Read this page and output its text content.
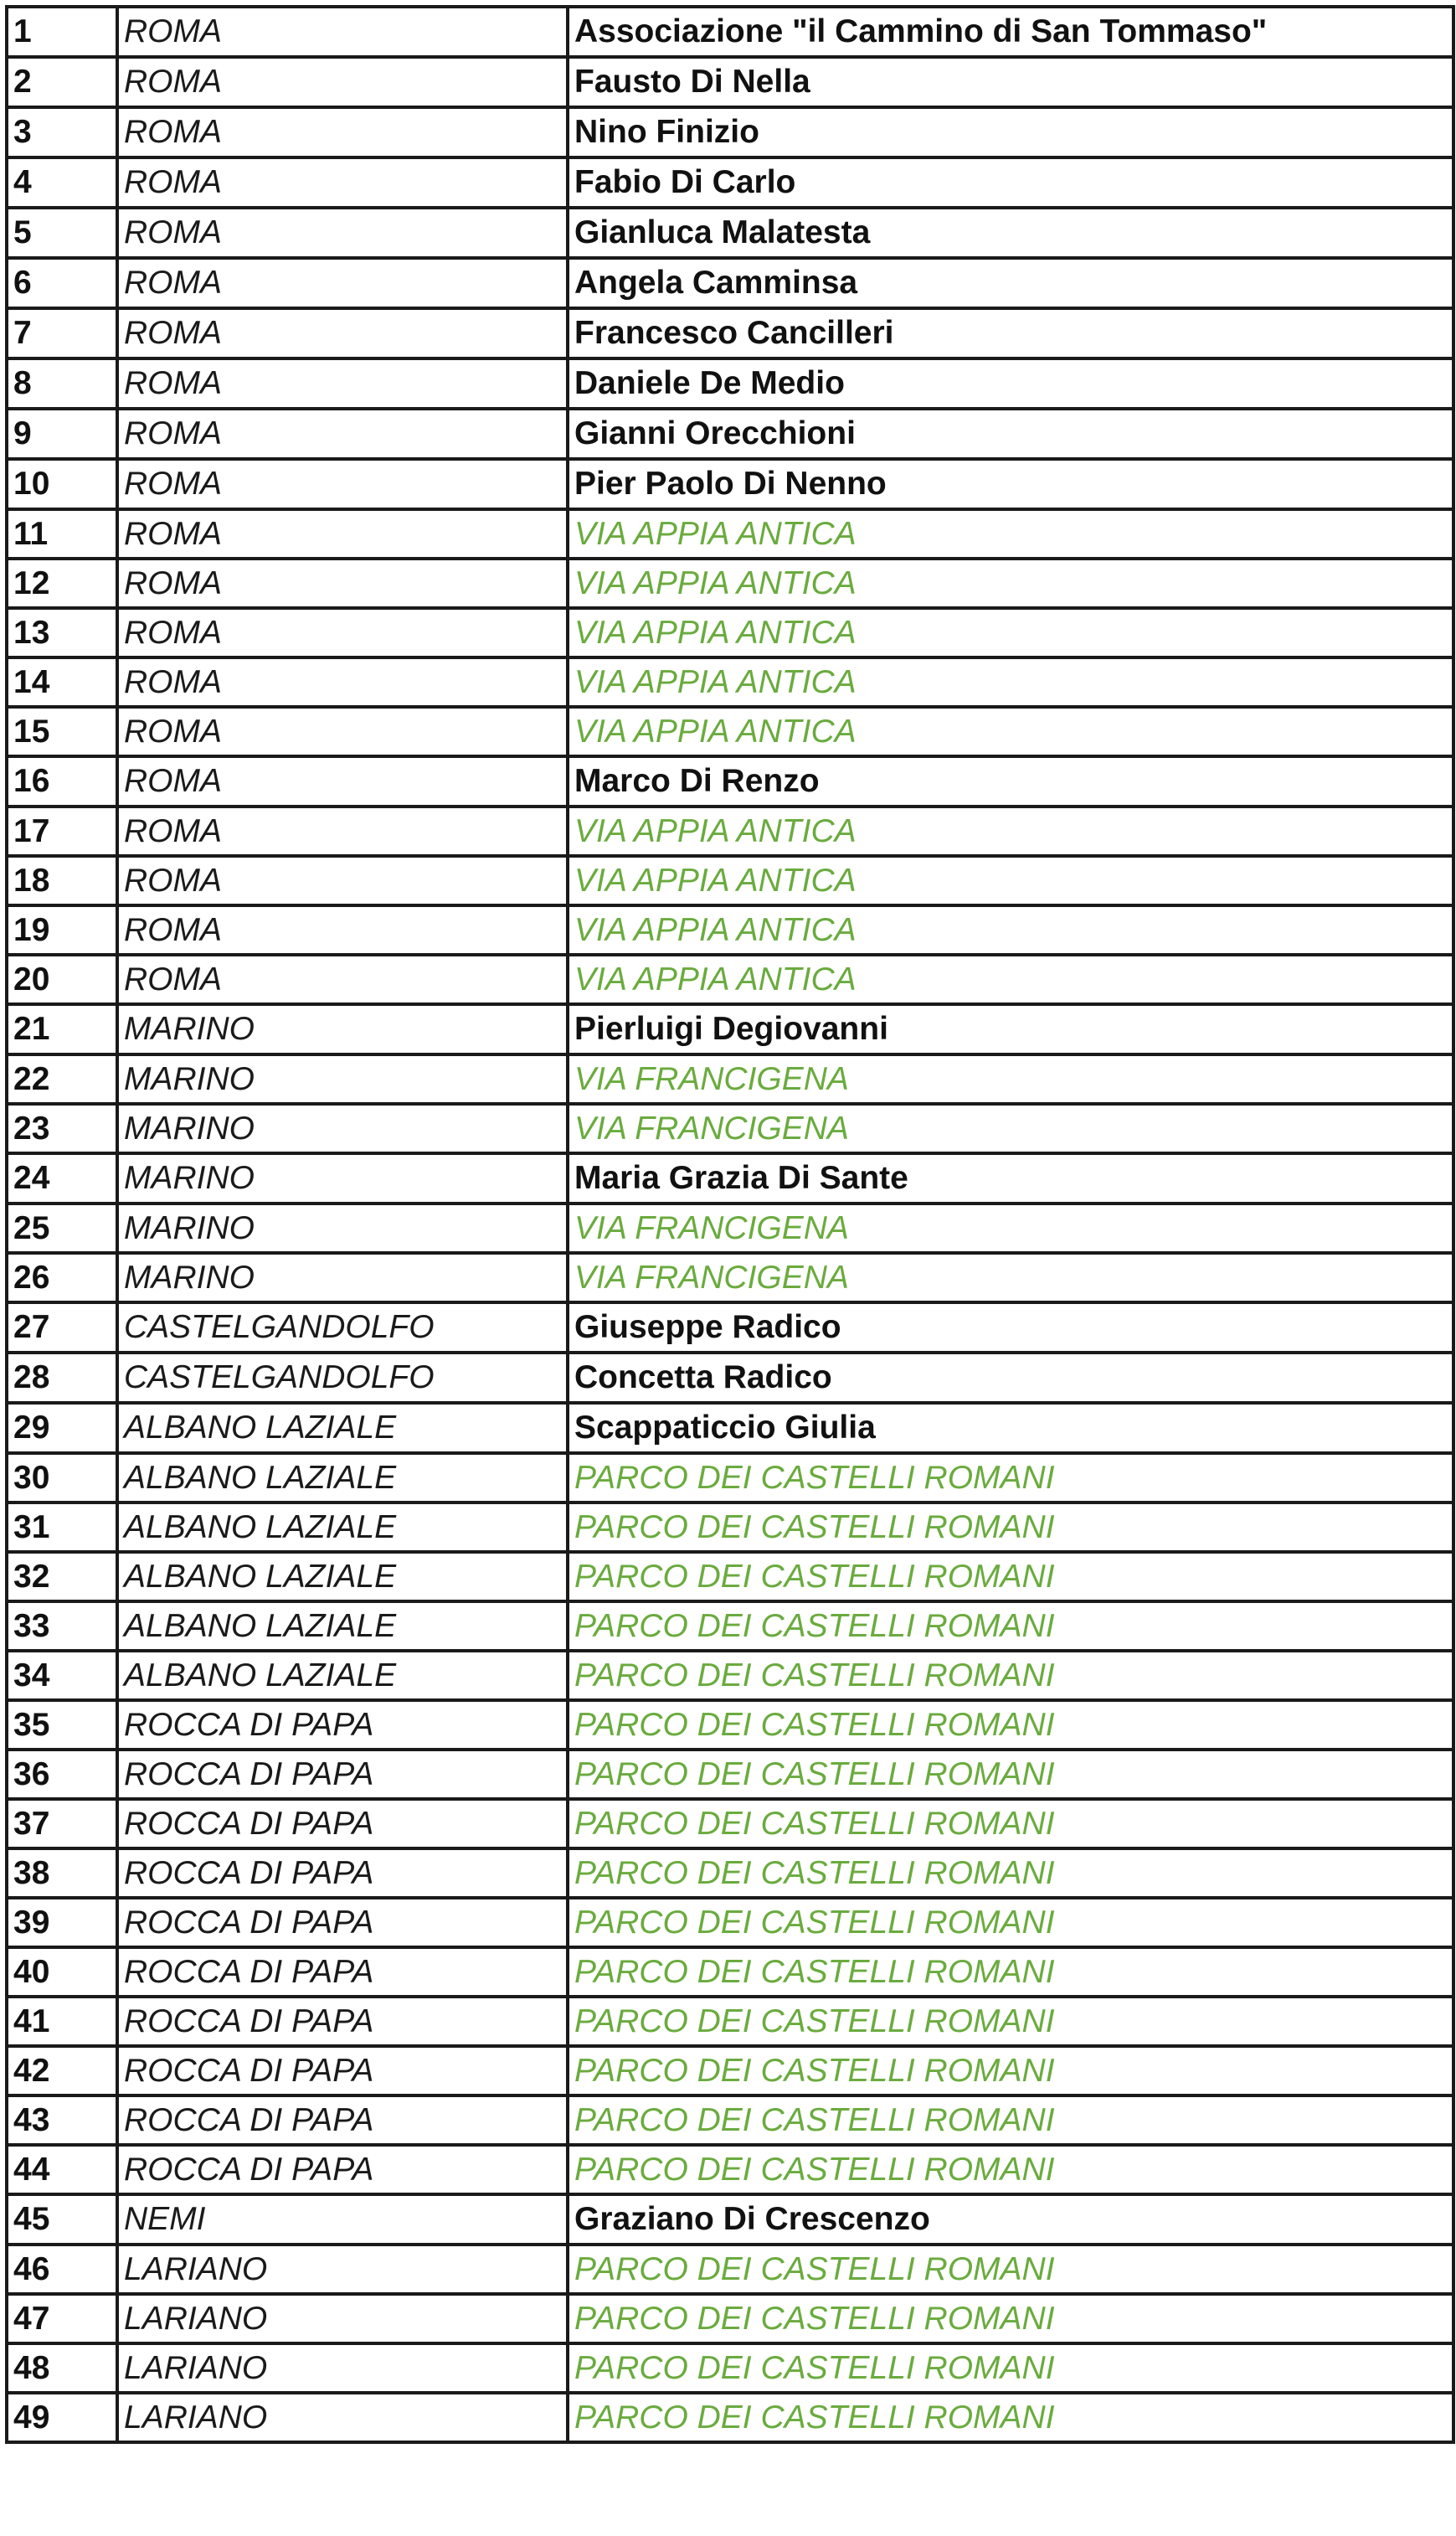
1	ROMA	Associazione "il Cammino di San Tommaso"
2	ROMA	Fausto Di Nella
3	ROMA	Nino Finizio
4	ROMA	Fabio Di Carlo
5	ROMA	Gianluca Malatesta
6	ROMA	Angela Camminsa
7	ROMA	Francesco Cancilleri
8	ROMA	Daniele De Medio
9	ROMA	Gianni Orecchioni
10	ROMA	Pier Paolo Di Nenno
11	ROMA	VIA APPIA ANTICA
12	ROMA	VIA APPIA ANTICA
13	ROMA	VIA APPIA ANTICA
14	ROMA	VIA APPIA ANTICA
15	ROMA	VIA APPIA ANTICA
16	ROMA	Marco Di Renzo
17	ROMA	VIA APPIA ANTICA
18	ROMA	VIA APPIA ANTICA
19	ROMA	VIA APPIA ANTICA
20	ROMA	VIA APPIA ANTICA
21	MARINO	Pierluigi Degiovanni
22	MARINO	VIA FRANCIGENA
23	MARINO	VIA FRANCIGENA
24	MARINO	Maria Grazia Di Sante
25	MARINO	VIA FRANCIGENA
26	MARINO	VIA FRANCIGENA
27	CASTELGANDOLFO	Giuseppe Radico
28	CASTELGANDOLFO	Concetta Radico
29	ALBANO LAZIALE	Scappaticcio Giulia
30	ALBANO LAZIALE	PARCO DEI CASTELLI ROMANI
31	ALBANO LAZIALE	PARCO DEI CASTELLI ROMANI
32	ALBANO LAZIALE	PARCO DEI CASTELLI ROMANI
33	ALBANO LAZIALE	PARCO DEI CASTELLI ROMANI
34	ALBANO LAZIALE	PARCO DEI CASTELLI ROMANI
35	ROCCA DI PAPA	PARCO DEI CASTELLI ROMANI
36	ROCCA DI PAPA	PARCO DEI CASTELLI ROMANI
37	ROCCA DI PAPA	PARCO DEI CASTELLI ROMANI
38	ROCCA DI PAPA	PARCO DEI CASTELLI ROMANI
39	ROCCA DI PAPA	PARCO DEI CASTELLI ROMANI
40	ROCCA DI PAPA	PARCO DEI CASTELLI ROMANI
41	ROCCA DI PAPA	PARCO DEI CASTELLI ROMANI
42	ROCCA DI PAPA	PARCO DEI CASTELLI ROMANI
43	ROCCA DI PAPA	PARCO DEI CASTELLI ROMANI
44	ROCCA DI PAPA	PARCO DEI CASTELLI ROMANI
45	NEMI	Graziano Di Crescenzo
46	LARIANO	PARCO DEI CASTELLI ROMANI
47	LARIANO	PARCO DEI CASTELLI ROMANI
48	LARIANO	PARCO DEI CASTELLI ROMANI
49	LARIANO	PARCO DEI CASTELLI ROMANI
